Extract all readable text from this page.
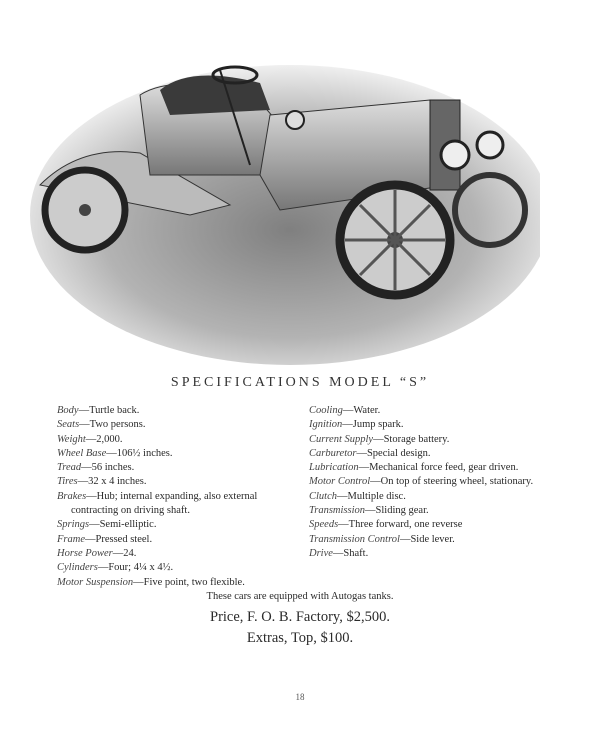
SPECIFICATIONS MODEL “S”
Body—Turtle back.
Seats—Two persons.
Weight—2,000.
Wheel Base—106½ inches.
Tread—56 inches.
Tires—32 x 4 inches.
Brakes—Hub; internal expanding, also external contracting on driving shaft.
Springs—Semi-elliptic.
Frame—Pressed steel.
Horse Power—24.
Cylinders—Four; 4¼ x 4½.
Motor Suspension—Five point, two flexible.
Cooling—Water.
Ignition—Jump spark.
Current Supply—Storage battery.
Carburetor—Special design.
Lubrication—Mechanical force feed, gear driven.
Motor Control—On top of steering wheel, stationary.
Clutch—Multiple disc.
Transmission—Sliding gear.
Speeds—Three forward, one reverse
Transmission Control—Side lever.
Drive—Shaft.
These cars are equipped with Autogas tanks.
Price, F. O. B. Factory, $2,500.
Extras, Top, $100.
18
